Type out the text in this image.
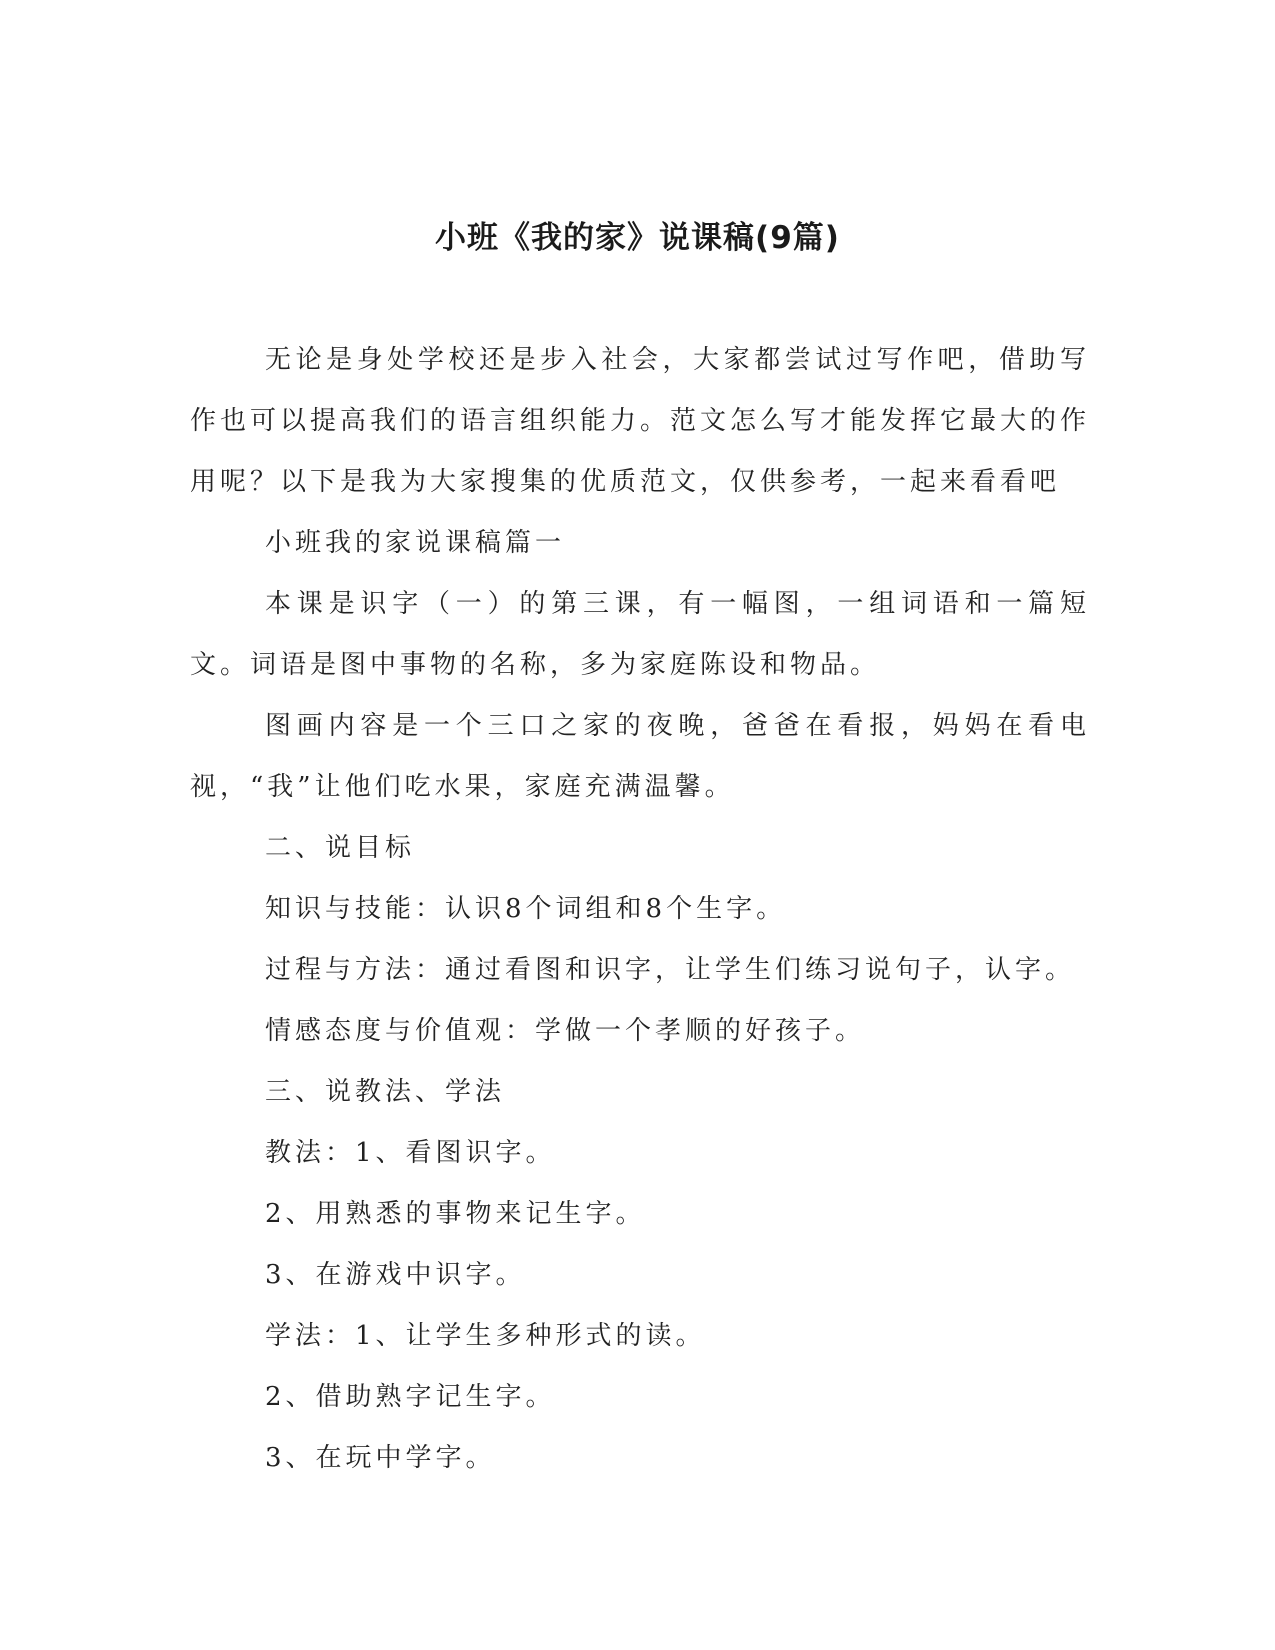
小班《我的家》说课稿(9篇)

无论是身处学校还是步入社会，大家都尝试过写作吧，借助写作也可以提高我们的语言组织能力。范文怎么写才能发挥它最大的作用呢？以下是我为大家搜集的优质范文，仅供参考，一起来看看吧

小班我的家说课稿篇一

本课是识字（一）的第三课，有一幅图，一组词语和一篇短文。词语是图中事物的名称，多为家庭陈设和物品。

图画内容是一个三口之家的夜晚，爸爸在看报，妈妈在看电视，“我”让他们吃水果，家庭充满温馨。

二、说目标

知识与技能：认识8个词组和8个生字。

过程与方法：通过看图和识字，让学生们练习说句子，认字。

情感态度与价值观：学做一个孝顺的好孩子。

三、说教法、学法

教法：1、看图识字。

2、用熟悉的事物来记生字。

3、在游戏中识字。

学法：1、让学生多种形式的读。

2、借助熟字记生字。

3、在玩中学字。
